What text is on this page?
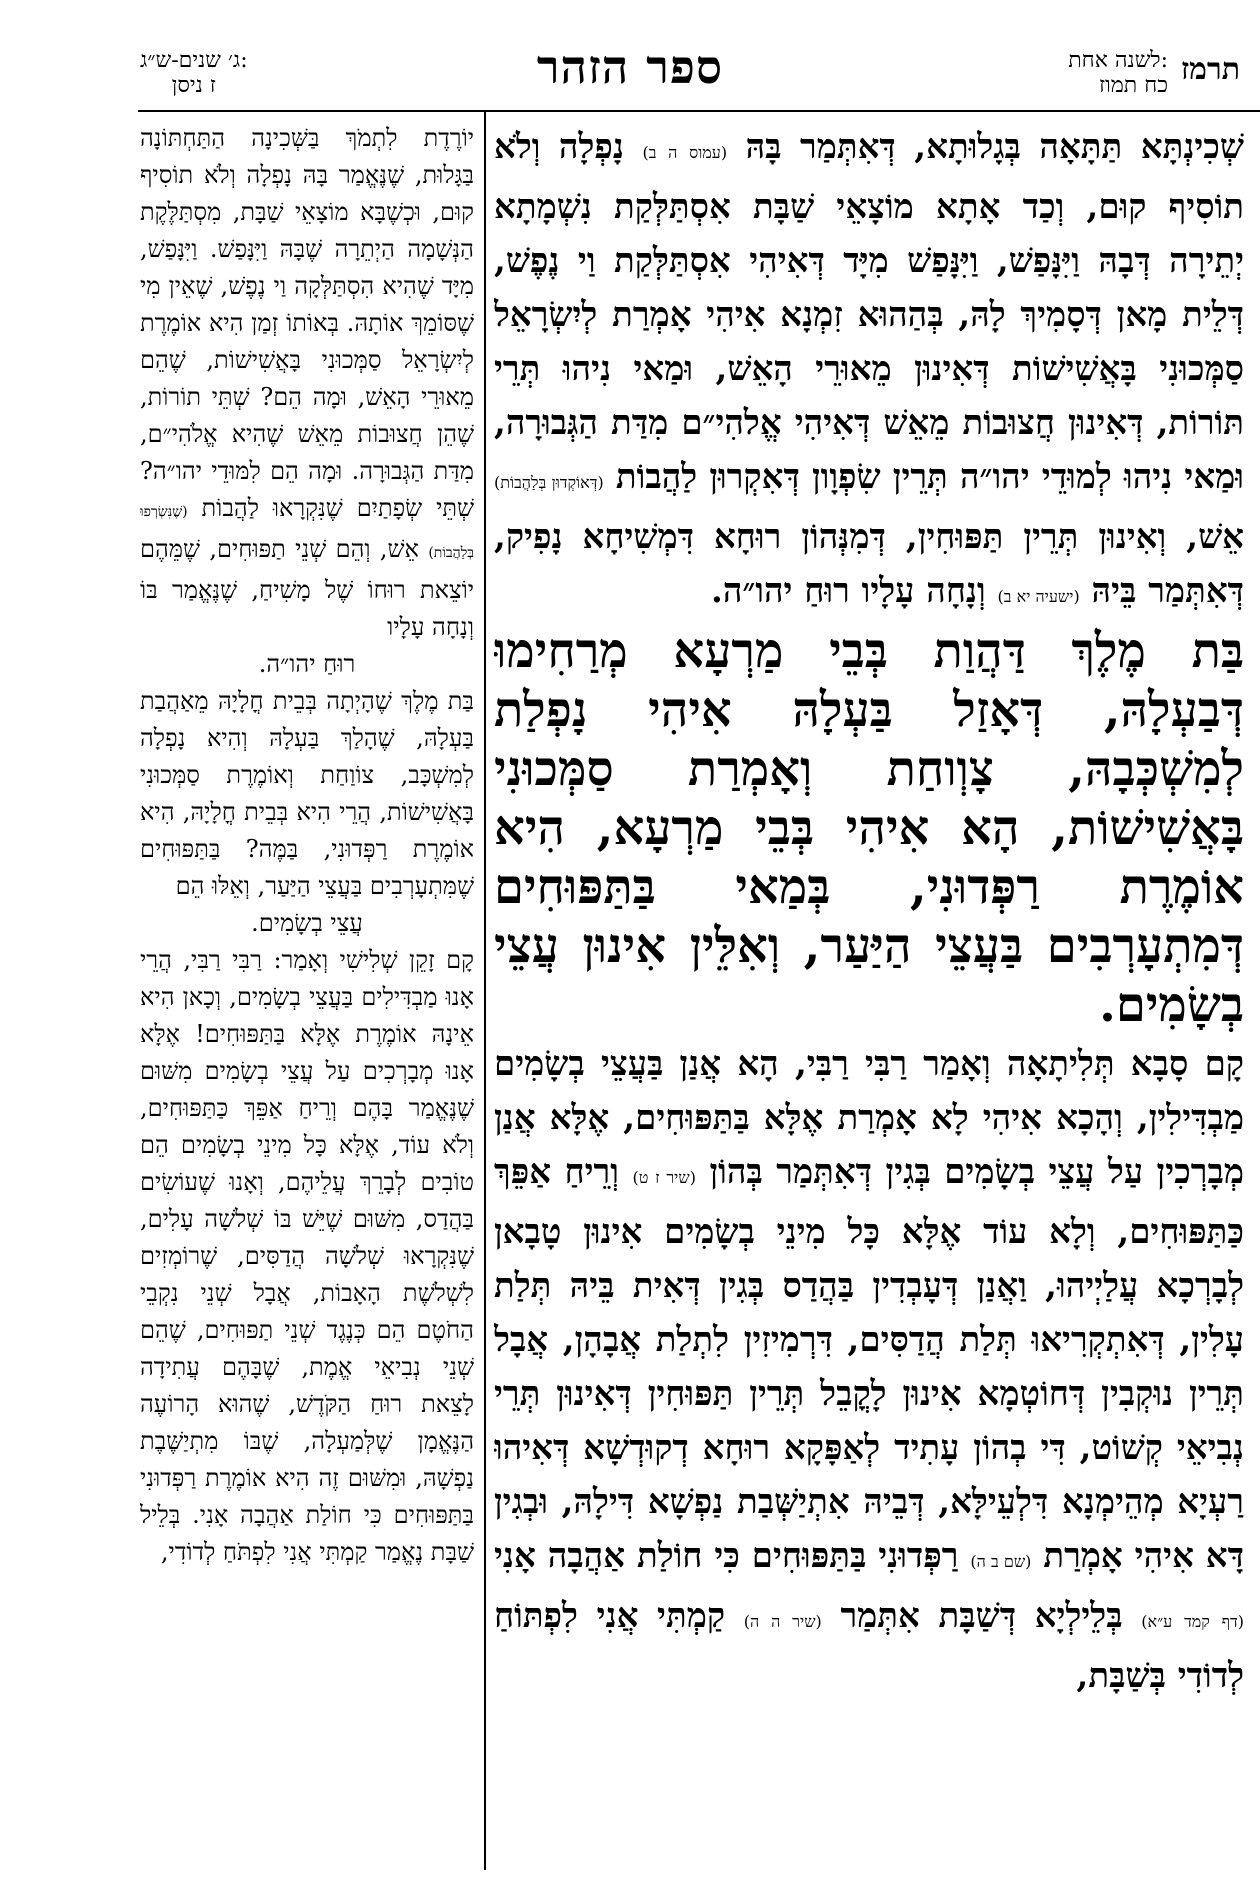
תרמז
לשנה אחת:
כח תמוז
ספר הזהר
ג׳ שנים-ש״ג:
ז ניסן

שְׁכִינְתָּא תַּתָּאָה בְּגָלוּתָא, דְּאִתְּמַר בָּהּ (עמוס ה ב) נָפְלָה וְלֹא תוֹסִיף קוּם, וְכַד אָתָא מוֹצָאֵי שַׁבָּת אִסְתַּלְּקַת נִשְׁמָתָא יְתֵירָה דְּבָהּ וַיִּנָּפַשׁ, וַיִּנָּפַשׁ מִיָּד דְּאִיהִי אִסְתַּלְּקַת וַי נֶפֶשׁ, דְּלֵית מָאן דְּסָמִיךְ לָהּ, בְּהַהוּא זִמְנָא אִיהִי אָמְרַת לְיִשְׂרָאֵל סַמְּכוּנִי בָּאֲשִׁישׁוֹת דְּאִינוּן מֵאוּרֵי הָאֵשׁ, וּמַאי נִיהוּ תְּרֵי תּוֹרוֹת, דְּאִינוּן חֲצוּבוֹת מֵאֵשׁ דְּאִיהִי אֱלהִי״ם מִדַּת הַגְּבוּרָה, וּמַאי נִיהוּ לְמוּדֵי יהו״ה תְּרֵין שִׂפְוָון דְּאִקְרוּן לַהֲבוֹת (דְּאוֹקְדוּן בְּלַהֲבוֹת) אֵשׁ, וְאִינוּן תְּרֵין תַּפּוּחִין, דְּמִנְּהוֹן רוּחָא דִּמְשִׁיחָא נָפִיק, דְּאִתְּמַר בֵּיהּ (ישעיה יא ב) וְנָחָה עָלָיו רוּחַ יהו״ה.

בַּת מֶלֶךְ דַּהֲוַת בְּבֵי מַרְעָא מְרַחִימוּ דְּבַעְלָהּ, דְּאָזַל בַּעְלָהּ אִיהִי נָפְלַת לְמִשְׁכְּבָהּ, צָוְוחַת וְאָמְרַת סַמְּכוּנִי בָּאֲשִׁישׁוֹת, הָא אִיהִי בְּבֵי מַרְעָא, הִיא אוֹמֶרֶת רַפְּדוּנִי, בְּמַאי בַּתַּפּוּחִים דְּמִתְעָרְבִים בַּעֲצֵי הַיַּעַר, וְאִלֵּין אִינוּן עֲצֵי בְשָׂמִים.

קָם סָבָא תְּלִיתָאָה וְאָמַר רַבִּי רַבִּי, הָא אֲנַן בַּעֲצֵי בְשָׂמִים מַבְדִּילִין, וְהָכָא אִיהִי לָא אָמְרַת אֶלָּא בַּתַּפּוּחִים, אֶלָּא אֲנַן מְבָרְכִין עַל עֲצֵי בְשָׂמִים בְּגִין דְּאִתְּמַר בְּהוֹן (שיר ז ט) וְרֵיחַ אַפֵּךְ כַּתַּפּוּחִים, וְלָא עוֹד אֶלָּא כָּל מִינֵי בְשָׂמִים אִינוּן טָבָאן לְבָרְכָא עֲלַיְיהוּ, וַאֲנַן דְּעָבְדִין בַּהֲדַס בְּגִין דְּאִית בֵּיהּ תְּלַת עָלִין, דְּאִתְקְרִיאוּ תְּלַת הֲדַסִּים, דִּרְמִיזִין לִתְלַת אֲבָהָן, אֲבָל תְּרֵין נוּקְבִין דְּחוֹטְמָא אִינוּן לָקֳבֵל תְּרֵין תַּפּוּחִין דְּאִינוּן תְּרֵי נְבִיאֵי קְשׁוֹט, דִּי בְהוֹן עָתִיד לְאַפָּקָא רוּחָא דְקוּדְשָׁא דְּאִיהוּ רַעְיָא מְהֵימְנָא דִּלְעֵילָּא, דְּבֵיהּ אִתְיַשְּׁבַת נַפְשָׁא דִּילָהּ, וּבְגִין דָּא אִיהִי אָמְרַת (שם ב ה) רַפְּדוּנִי בַּתַּפּוּחִים כִּי חוֹלַת אַהֲבָה אָנִי (דף קמד ע״א) בְּלֵילְיָא דְּשַׁבָּת אִתְּמַר (שיר ה ה) קַמְתִּי אֲנִי לִפְתּוֹחַ לְדוֹדִי בְּשַׁבָּת,

יוֹרֶדֶת לִתְמֹךְ בַּשְּׁכִינָה הַתַּחְתּוֹנָה בַּגָּלוּת, שֶׁנֶּאֱמַר בָּהּ נָפְלָה וְלֹא תוֹסִיף קוּם, וּכְשֶׁבָּא מוֹצָאֵי שַׁבָּת, מִסְתַּלֶּקֶת הַנְּשָׁמָה הַיְתֵרָה שֶׁבָּהּ וַיִּנָּפַשׁ. וַיִּנָּפַשׁ, מִיָּד שֶׁהִיא הִסְתַּלְּקָה וַי נֶפֶשׁ, שֶׁאֵין מִי שֶׁסּוֹמֵךְ אוֹתָהּ. בְּאוֹתוֹ זְמַן הִיא אוֹמֶרֶת לְיִשְׂרָאֵל סַמְּכוּנִי בָּאֲשִׁישׁוֹת, שֶׁהֵם מֵאוּרֵי הָאֵשׁ, וּמָה הֵם? שְׁתֵּי תוֹרוֹת, שֶׁהֵן חֲצוּבוֹת מֵאֵשׁ שֶׁהִיא אֱלֹהִי״ם, מִדַּת הַגְּבוּרָה. וּמָה הֵם לִמּוּדֵי יהו״ה? שְׁתֵּי שְׂפָתַיִם שֶׁנִּקְרָאוּ לַהֲבוֹת (שֶׁנִּשְׂרְפוּ בְּלַהֲבוֹת) אֵשׁ, וְהֵם שְׁנֵי תַפּוּחִים, שֶׁמֵּהֶם יוֹצֵאת רוּחוֹ שֶׁל מָשִׁיחַ, שֶׁנֶּאֱמַר בּוֹ וְנָחָה עָלָיו

רוּחַ יהו״ה.

בַּת מֶלֶךְ שֶׁהָיְתָה בְּבֵית חֳלָיָהּ מֵאַהֲבַת בַּעְלָהּ, שֶׁהָלַךְ בַּעְלָהּ וְהִיא נָפְלָה לְמִשְׁכָּב, צוֹוַחַת וְאוֹמֶרֶת סַמְּכוּנִי בָּאֲשִׁישׁוֹת, הֲרֵי הִיא בְּבֵית חֳלָיָהּ, הִיא אוֹמֶרֶת רַפְּדוּנִי, בַּמֶּה? בַּתַּפּוּחִים שֶׁמִּתְעָרְבִים בַּעֲצֵי הַיַּעַר, וְאֵלּוּ הֵם

עֲצֵי בְשָׂמִים.

קָם זָקֵן שְׁלִישִׁי וְאָמַר: רַבִּי רַבִּי, הֲרֵי אָנוּ מַבְדִּילִים בַּעֲצֵי בְשָׂמִים, וְכָאן הִיא אֵינָהּ אוֹמֶרֶת אֶלָּא בַּתַּפּוּחִים! אֶלָּא אָנוּ מְבָרְכִים עַל עֲצֵי בְשָׂמִים מִשּׁוּם שֶׁנֶּאֱמַר בָּהֶם וְרֵיחַ אַפֵּךְ כַּתַּפּוּחִים, וְלֹא עוֹד, אֶלָּא כָּל מִינֵי בְשָׂמִים הֵם טוֹבִים לְבָרֵךְ עֲלֵיהֶם, וְאָנוּ שֶׁעוֹשִׂים בַּהֲדַס, מִשּׁוּם שֶׁיֵּשׁ בּוֹ שְׁלֹשָׁה עָלִים, שֶׁנִּקְרָאוּ שְׁלֹשָׁה הֲדַסִּים, שֶׁרוֹמְזִים לִשְׁלֹשֶׁת הָאָבוֹת, אֲבָל שְׁנֵי נִקְבֵי הַחֹטֶם הֵם כְּנֶגֶד שְׁנֵי תַפּוּחִים, שֶׁהֵם שְׁנֵי נְבִיאֵי אֱמֶת, שֶׁבָּהֶם עֲתִידָה לָצֵאת רוּחַ הַקֹּדֶשׁ, שֶׁהוּא הָרוֹעֶה הַנֶּאֱמָן שֶׁלְּמַעְלָה, שֶׁבּוֹ מִתְיַשֶּׁבֶת נַפְשָׁהּ, וּמִשּׁוּם זֶה הִיא אוֹמֶרֶת רַפְּדוּנִי בַּתַּפּוּחִים כִּי חוֹלַת אַהֲבָה אָנִי. בְּלֵיל שַׁבָּת נֶאֱמַר קַמְתִּי אֲנִי לִפְתֹּחַ לְדוֹדִי,
